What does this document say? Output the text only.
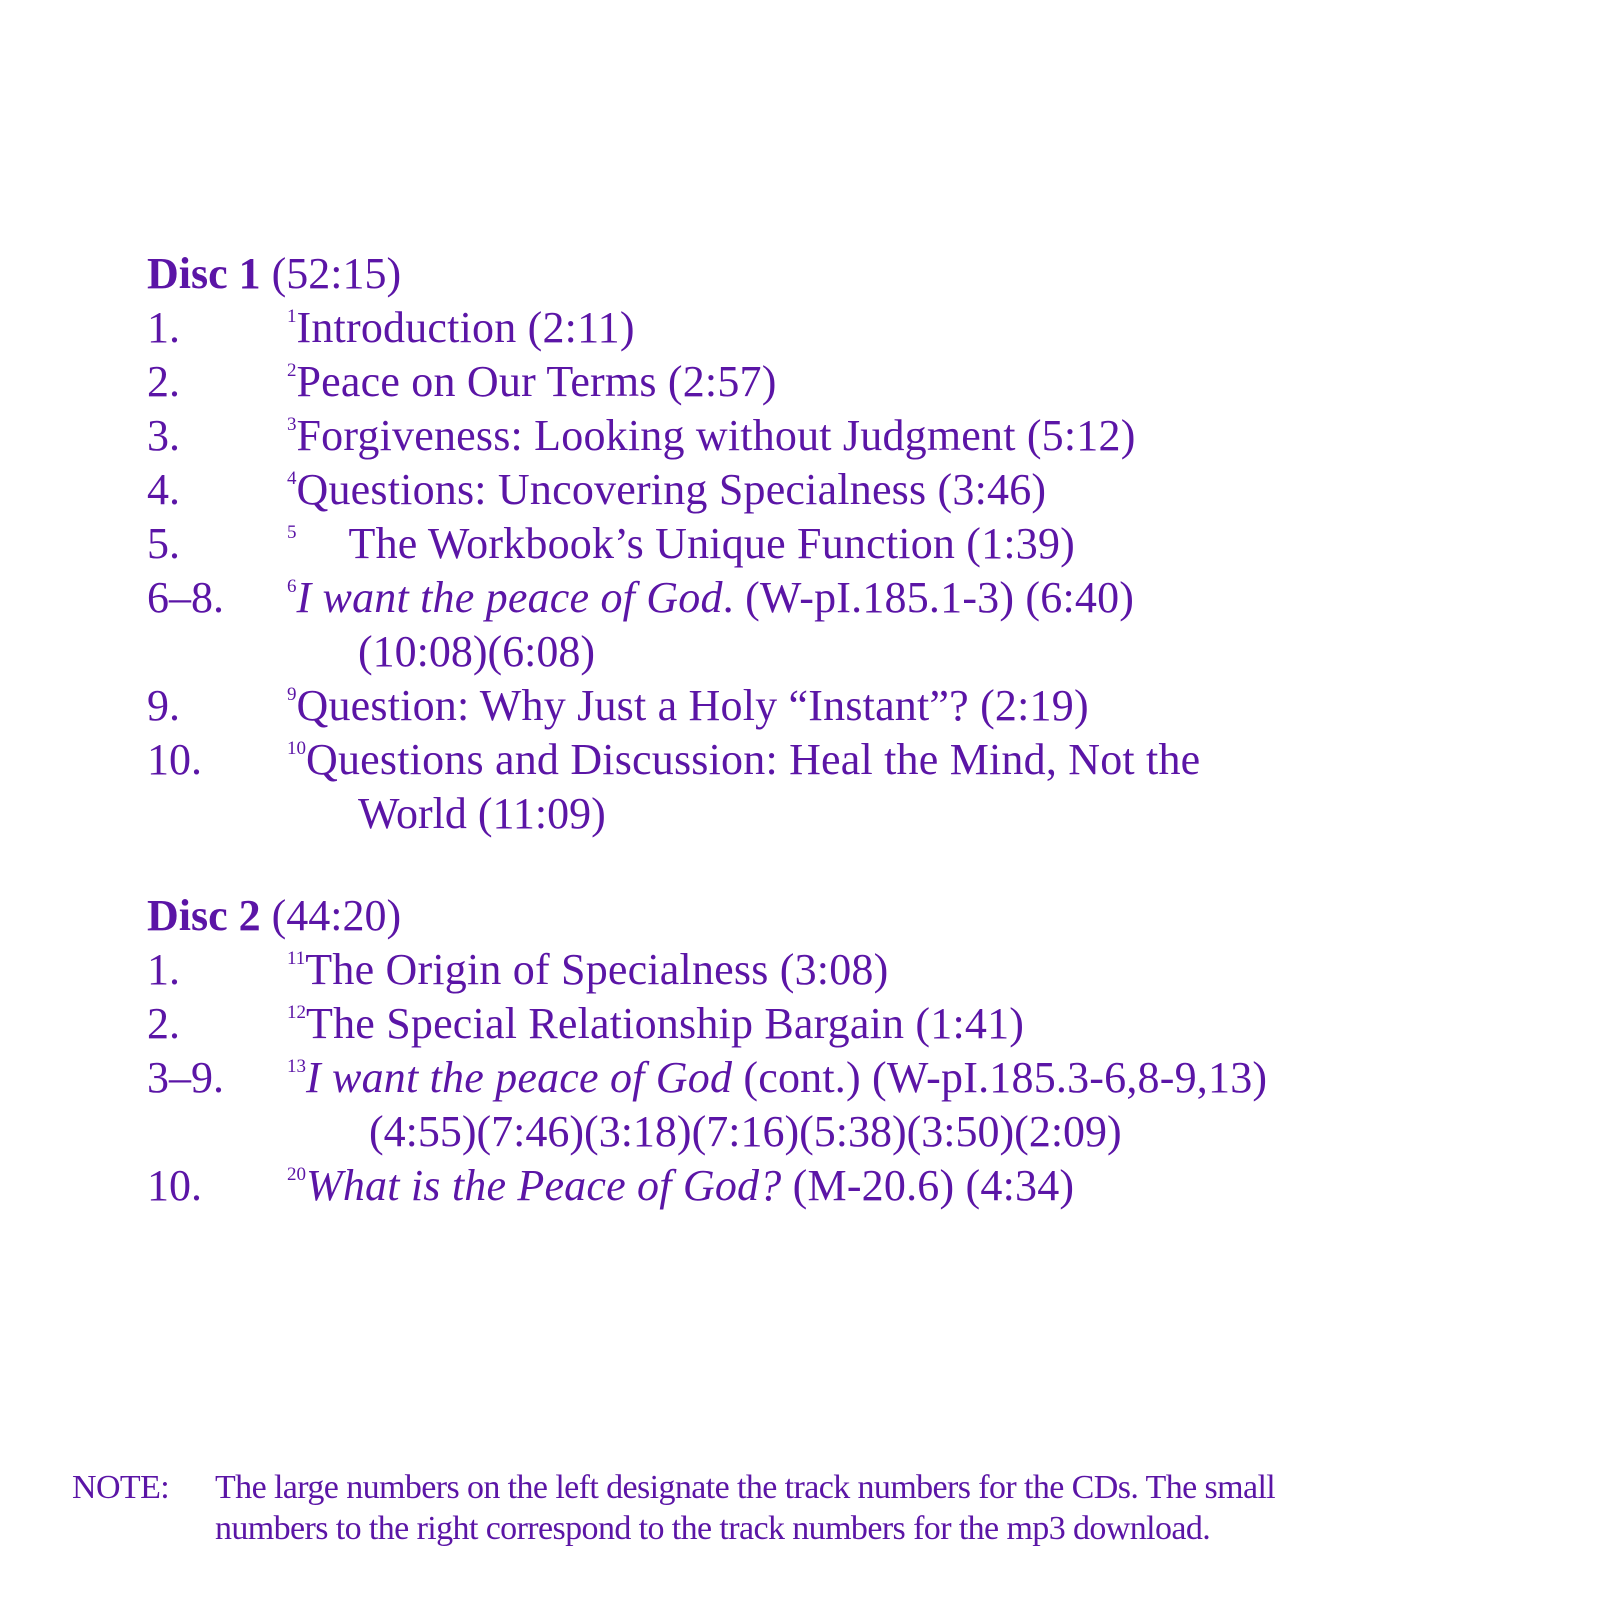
Disc 1 (52:15)
1.	$^1$Introduction (2:11)
2.	$^2$Peace on Our Terms (2:57)
3.	$^3$Forgiveness: Looking without Judgment (5:12)
4.	$^4$Questions: Uncovering Specialness (3:46)
5.	$^5$ The Workbook’s Unique Function (1:39)
6–8.	$^6$I want the peace of God. (W-pI.185.1-3) (6:40)
(10:08)(6:08)
9.	$^9$Question: Why Just a Holy “Instant”? (2:19)
10.	$^{10}$Questions and Discussion: Heal the Mind, Not the
World (11:09)
Disc 2 (44:20)
1.	$^{11}$The Origin of Specialness (3:08)
2.	$^{12}$The Special Relationship Bargain (1:41)
3–9.	$^{13}$I want the peace of God (cont.) (W-pI.185.3-6,8-9,13)
(4:55)(7:46)(3:18)(7:16)(5:38)(3:50)(2:09)
10.	$^{20}$What is the Peace of God? (M-20.6) (4:34)
NOTE: The large numbers on the left designate the track numbers for the CDs. The small
numbers to the right correspond to the track numbers for the mp3 download.
